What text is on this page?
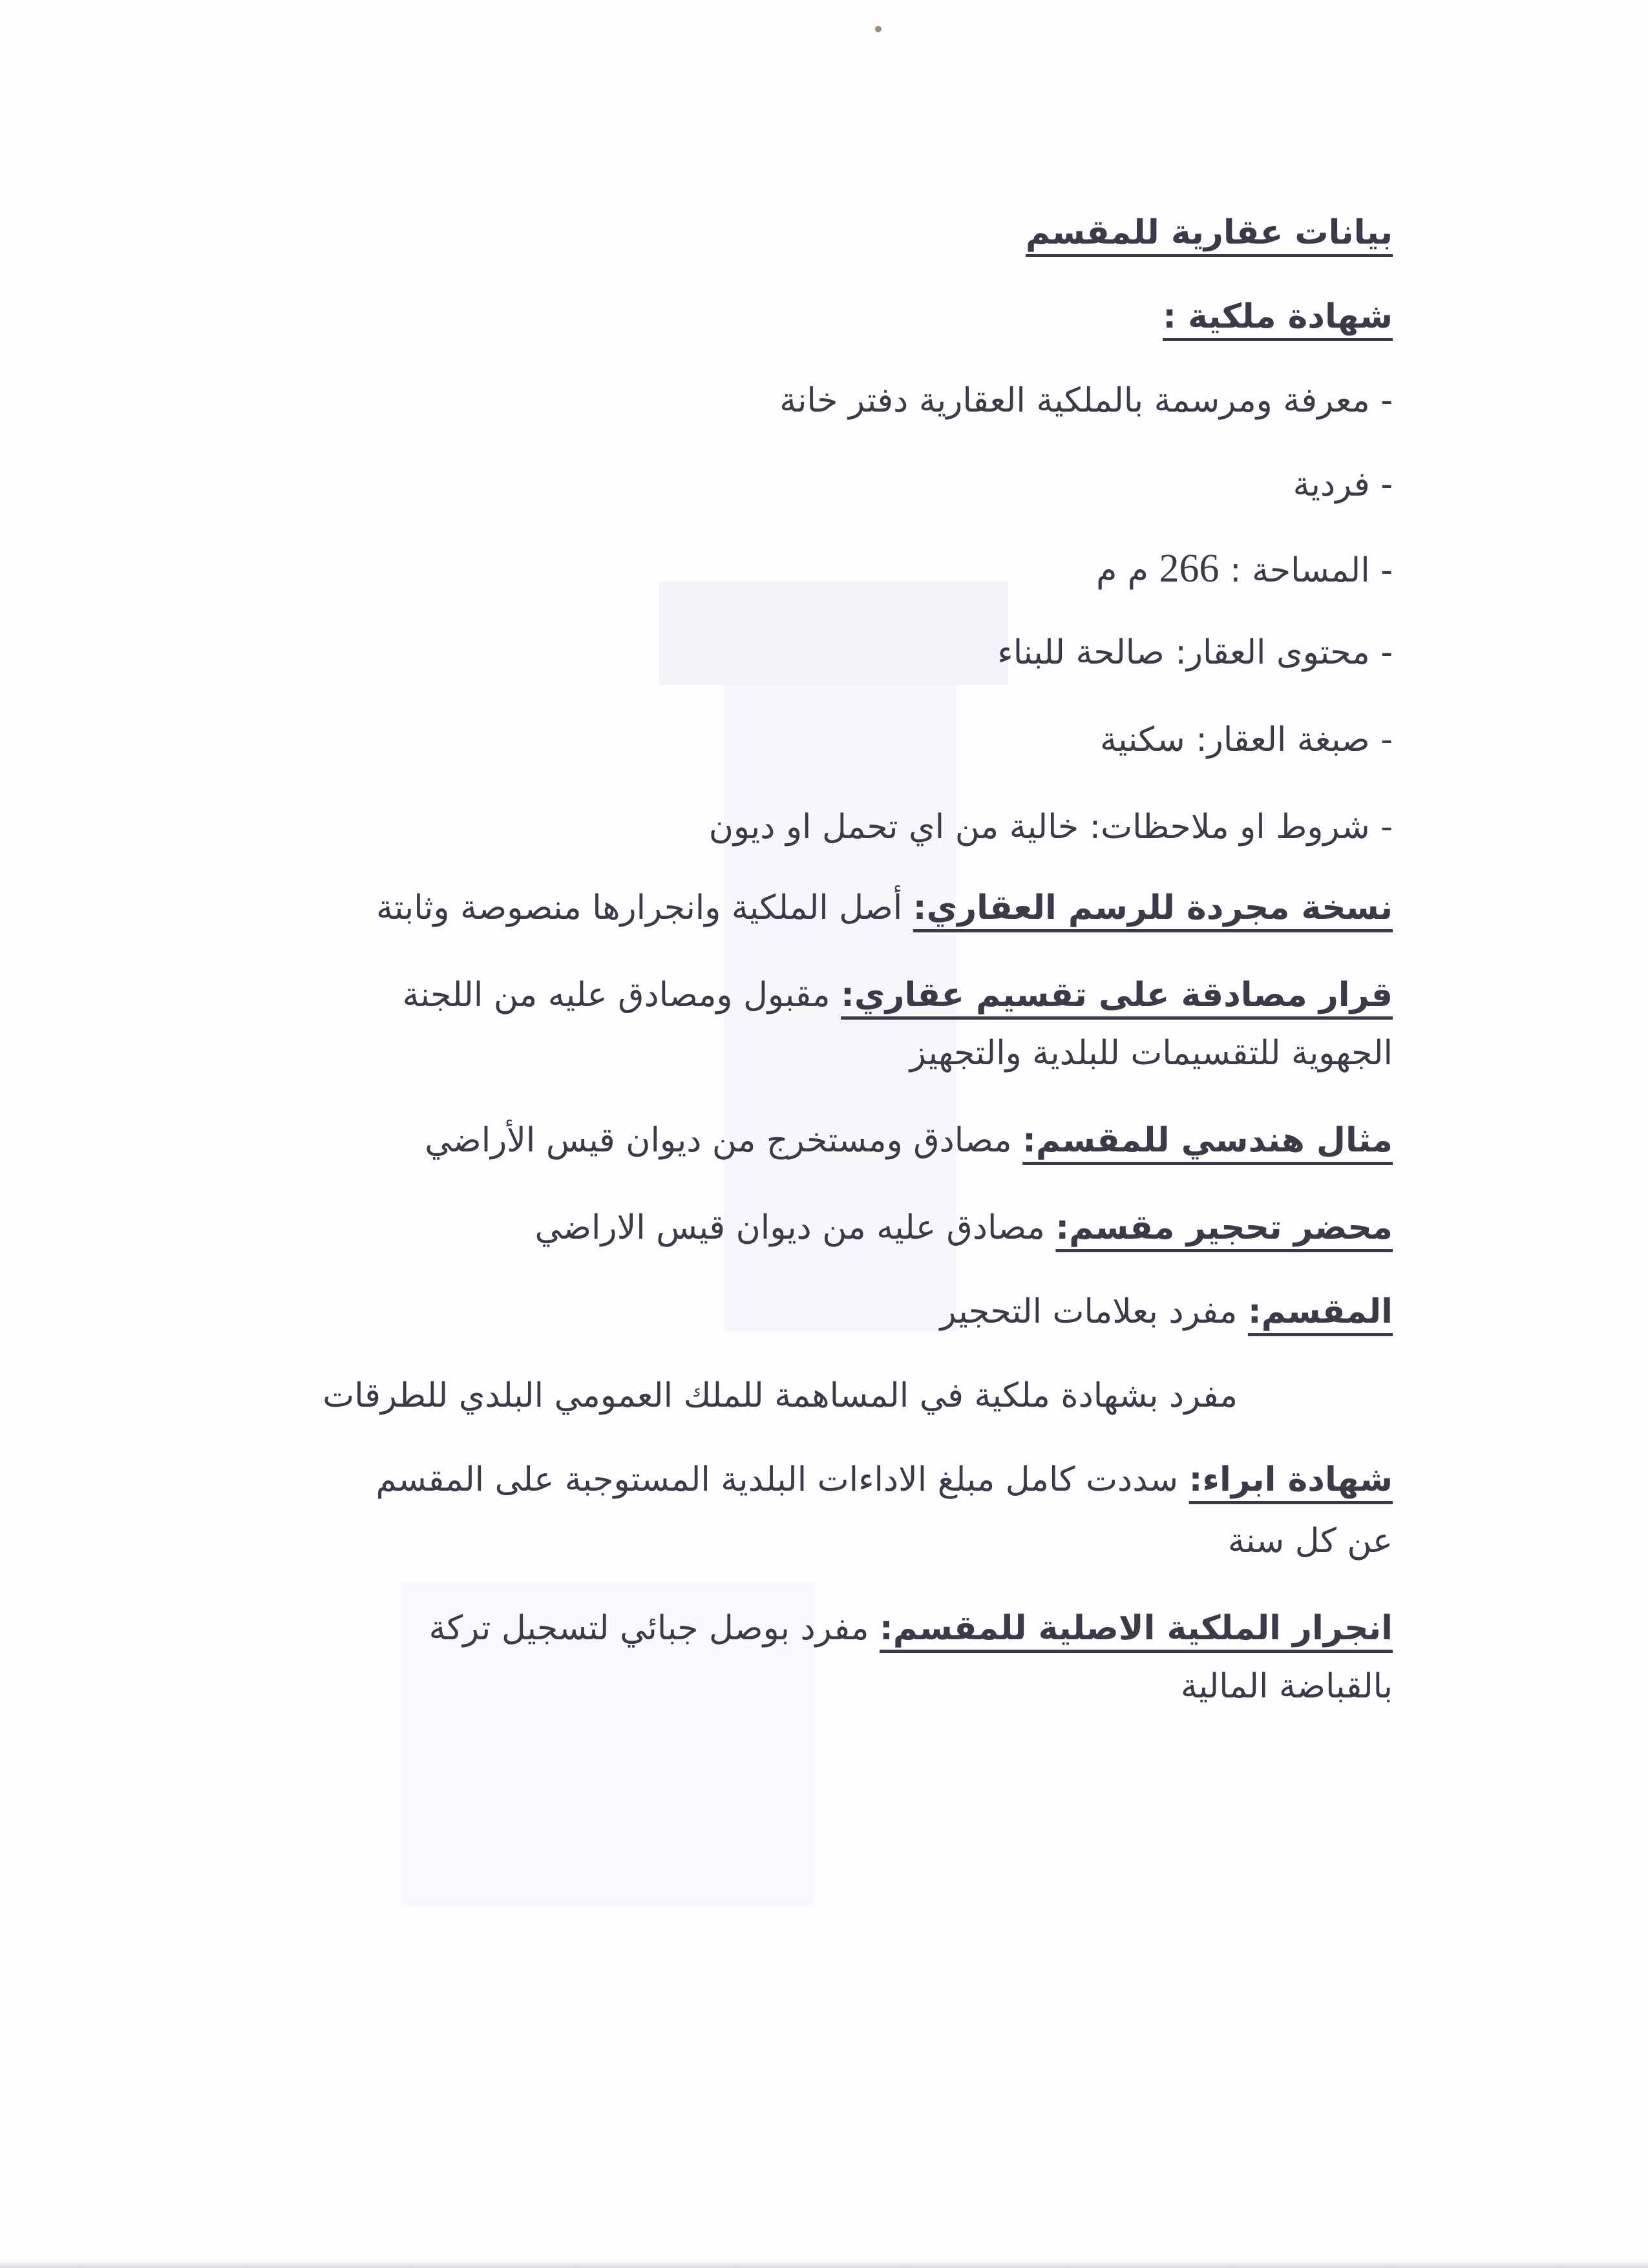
بيانات عقارية للمقسم
شهادة ملكية :
- معرفة ومرسمة بالملكية العقارية دفتر خانة
- فردية
- المساحة : 266 م م
- محتوى العقار: صالحة للبناء
- صبغة العقار: سكنية
- شروط او ملاحظات: خالية من اي تحمل او ديون
نسخة مجردة للرسم العقاري: أصل الملكية وانجرارها منصوصة وثابتة
قرار مصادقة على تقسيم عقاري: مقبول ومصادق عليه من اللجنة
الجهوية للتقسيمات للبلدية والتجهيز
مثال هندسي للمقسم: مصادق ومستخرج من ديوان قيس الأراضي
محضر تحجير مقسم: مصادق عليه من ديوان قيس الاراضي
المقسم: مفرد بعلامات التحجير
مفرد بشهادة ملكية في المساهمة للملك العمومي البلدي للطرقات
شهادة ابراء: سددت كامل مبلغ الاداءات البلدية المستوجبة على المقسم
عن كل سنة
انجرار الملكية الاصلية للمقسم: مفرد بوصل جبائي لتسجيل تركة
بالقباضة المالية
